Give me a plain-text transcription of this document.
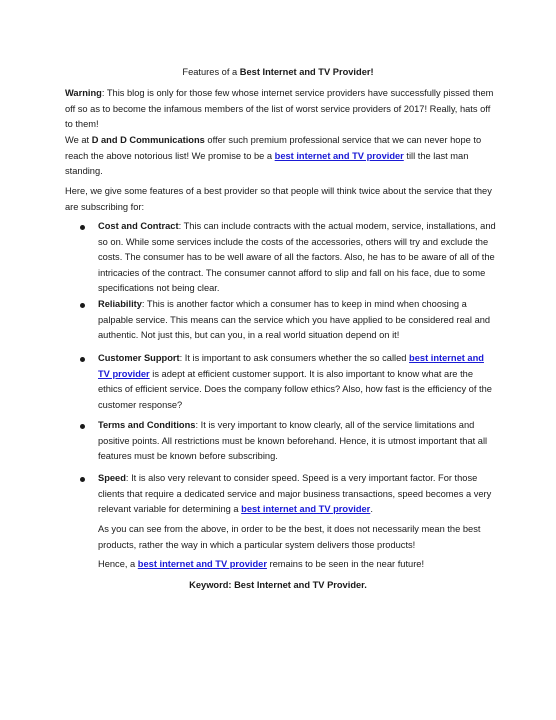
Features of a Best Internet and TV Provider!

Warning: This blog is only for those few whose internet service providers have successfully pissed them off so as to become the infamous members of the list of worst service providers of 2017! Really, hats off to them!

We at D and D Communications offer such premium professional service that we can never hope to reach the above notorious list! We promise to be a best internet and TV provider till the last man standing.

Here, we give some features of a best provider so that people will think twice about the service that they are subscribing for:

Cost and Contract: This can include contracts with the actual modem, service, installations, and so on. While some services include the costs of the accessories, others will try and exclude the costs. The consumer has to be well aware of all the factors. Also, he has to be aware of all of the intricacies of the contract. The consumer cannot afford to slip and fall on his face, due to some specifications not being clear.

Reliability: This is another factor which a consumer has to keep in mind when choosing a palpable service. This means can the service which you have applied to be considered real and authentic. Not just this, but can you, in a real world situation depend on it!

Customer Support: It is important to ask consumers whether the so called best internet and TV provider is adept at efficient customer support. It is also important to know what are the ethics of efficient service. Does the company follow ethics? Also, how fast is the efficiency of the customer response?

Terms and Conditions: It is very important to know clearly, all of the service limitations and positive points. All restrictions must be known beforehand. Hence, it is utmost important that all features must be known before subscribing.

Speed: It is also very relevant to consider speed. Speed is a very important factor. For those clients that require a dedicated service and major business transactions, speed becomes a very relevant variable for determining a best internet and TV provider.

As you can see from the above, in order to be the best, it does not necessarily mean the best products, rather the way in which a particular system delivers those products!

Hence, a best internet and TV provider remains to be seen in the near future!

Keyword: Best Internet and TV Provider.
